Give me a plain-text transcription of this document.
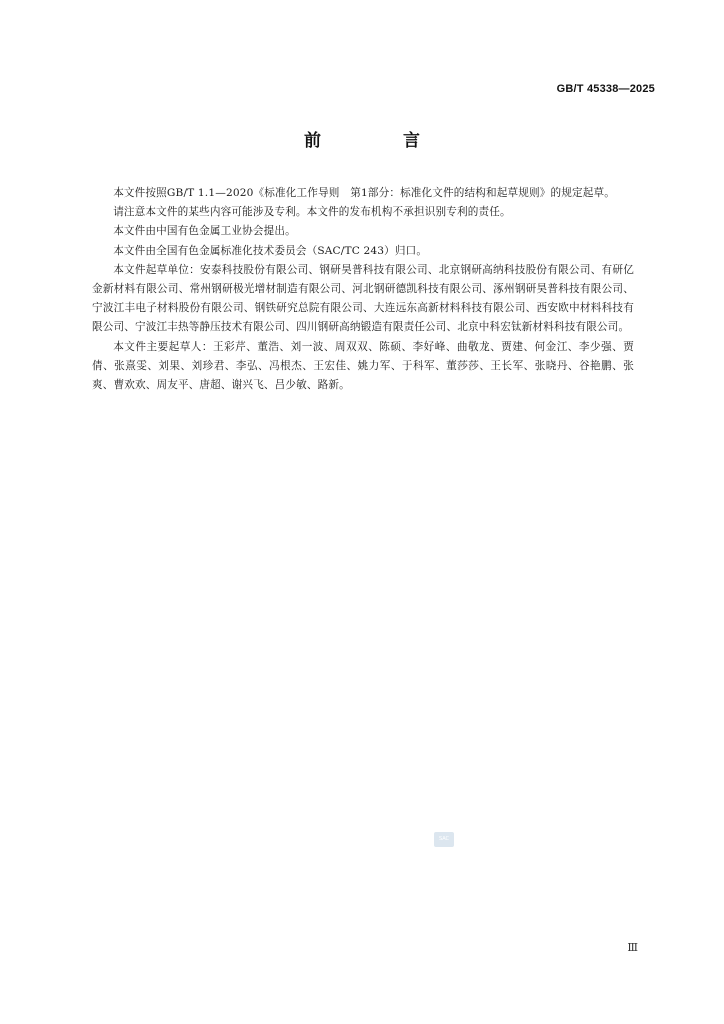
GB/T 45338—2025
前 言

本文件按照GB/T 1.1—2020《标准化工作导则　第1部分：标准化文件的结构和起草规则》的规定起草。

请注意本文件的某些内容可能涉及专利。本文件的发布机构不承担识别专利的责任。

本文件由中国有色金属工业协会提出。

本文件由全国有色金属标准化技术委员会（SAC/TC 243）归口。

本文件起草单位：安泰科技股份有限公司、钢研昊普科技有限公司、北京钢研高纳科技股份有限公司、有研亿金新材料有限公司、常州钢研极光增材制造有限公司、河北钢研德凯科技有限公司、涿州钢研昊普科技有限公司、宁波江丰电子材料股份有限公司、钢铁研究总院有限公司、大连远东高新材料科技有限公司、西安欧中材料科技有限公司、宁波江丰热等静压技术有限公司、四川钢研高纳锻造有限责任公司、北京中科宏钛新材料科技有限公司。

本文件主要起草人：王彩芹、董浩、刘一波、周双双、陈硕、李好峰、曲敬龙、贾建、何金江、李少强、贾倩、张熹雯、刘果、刘珍君、李弘、冯根杰、王宏佳、姚力军、于科军、董莎莎、王长军、张晓丹、谷艳鹏、张爽、曹欢欢、周友平、唐超、谢兴飞、吕少敏、路新。

SAC
Ⅲ
